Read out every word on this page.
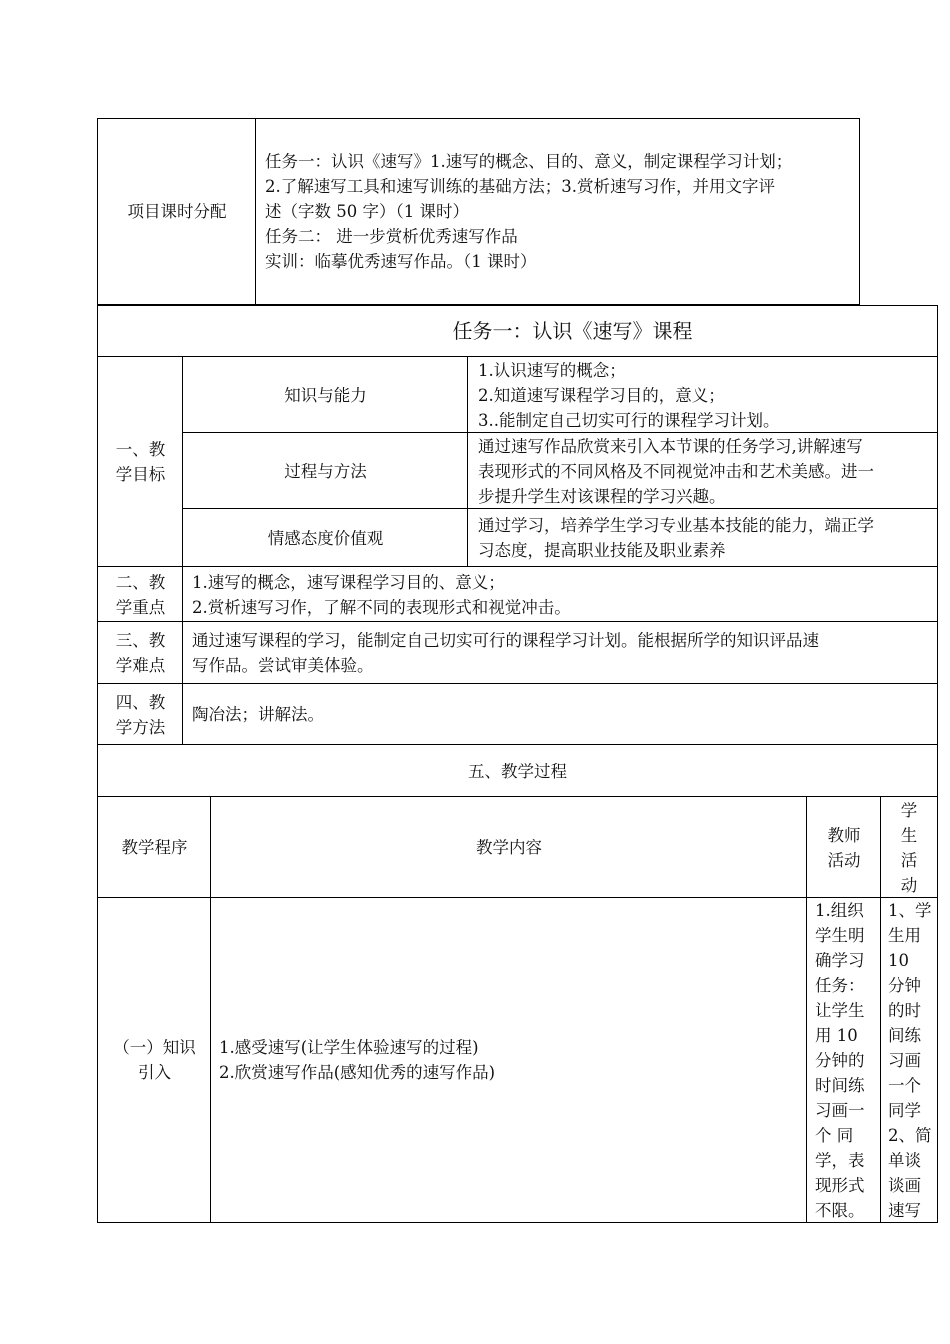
项目课时分配
任务一：认识《速写》1.速写的概念、目的、意义，制定课程学习计划；
2.了解速写工具和速写训练的基础方法；3.赏析速写习作，并用文字评
述（字数 50 字）（1 课时）
任务二： 进一步赏析优秀速写作品
实训：临摹优秀速写作品。（1 课时）
任务一：认识《速写》课程
一、教
学目标
知识与能力
1.认识速写的概念；
2.知道速写课程学习目的，意义；
3..能制定自己切实可行的课程学习计划。
过程与方法
通过速写作品欣赏来引入本节课的任务学习,讲解速写
表现形式的不同风格及不同视觉冲击和艺术美感。进一
步提升学生对该课程的学习兴趣。
情感态度价值观
通过学习，培养学生学习专业基本技能的能力，端正学
习态度，提高职业技能及职业素养
二、教
学重点
1.速写的概念，速写课程学习目的、意义；
2.赏析速写习作，了解不同的表现形式和视觉冲击。
三、教
学难点
通过速写课程的学习，能制定自己切实可行的课程学习计划。能根据所学的知识评品速
写作品。尝试审美体验。
四、教
学方法
陶冶法；讲解法。
五、教学过程
教学程序	教学内容
教师
活动
学
生
活
动
（一）知识
引入
1.感受速写(让学生体验速写的过程)
2.欣赏速写作品(感知优秀的速写作品)
1.组织
学生明
确学习
任务：
让学生
用 10
分钟的
时间练
习画一
个 同
学，表
现形式
不限。
1、学
生用
10
分钟
的时
间练
习画
一个
同学
2、简
单谈
谈画
速写
